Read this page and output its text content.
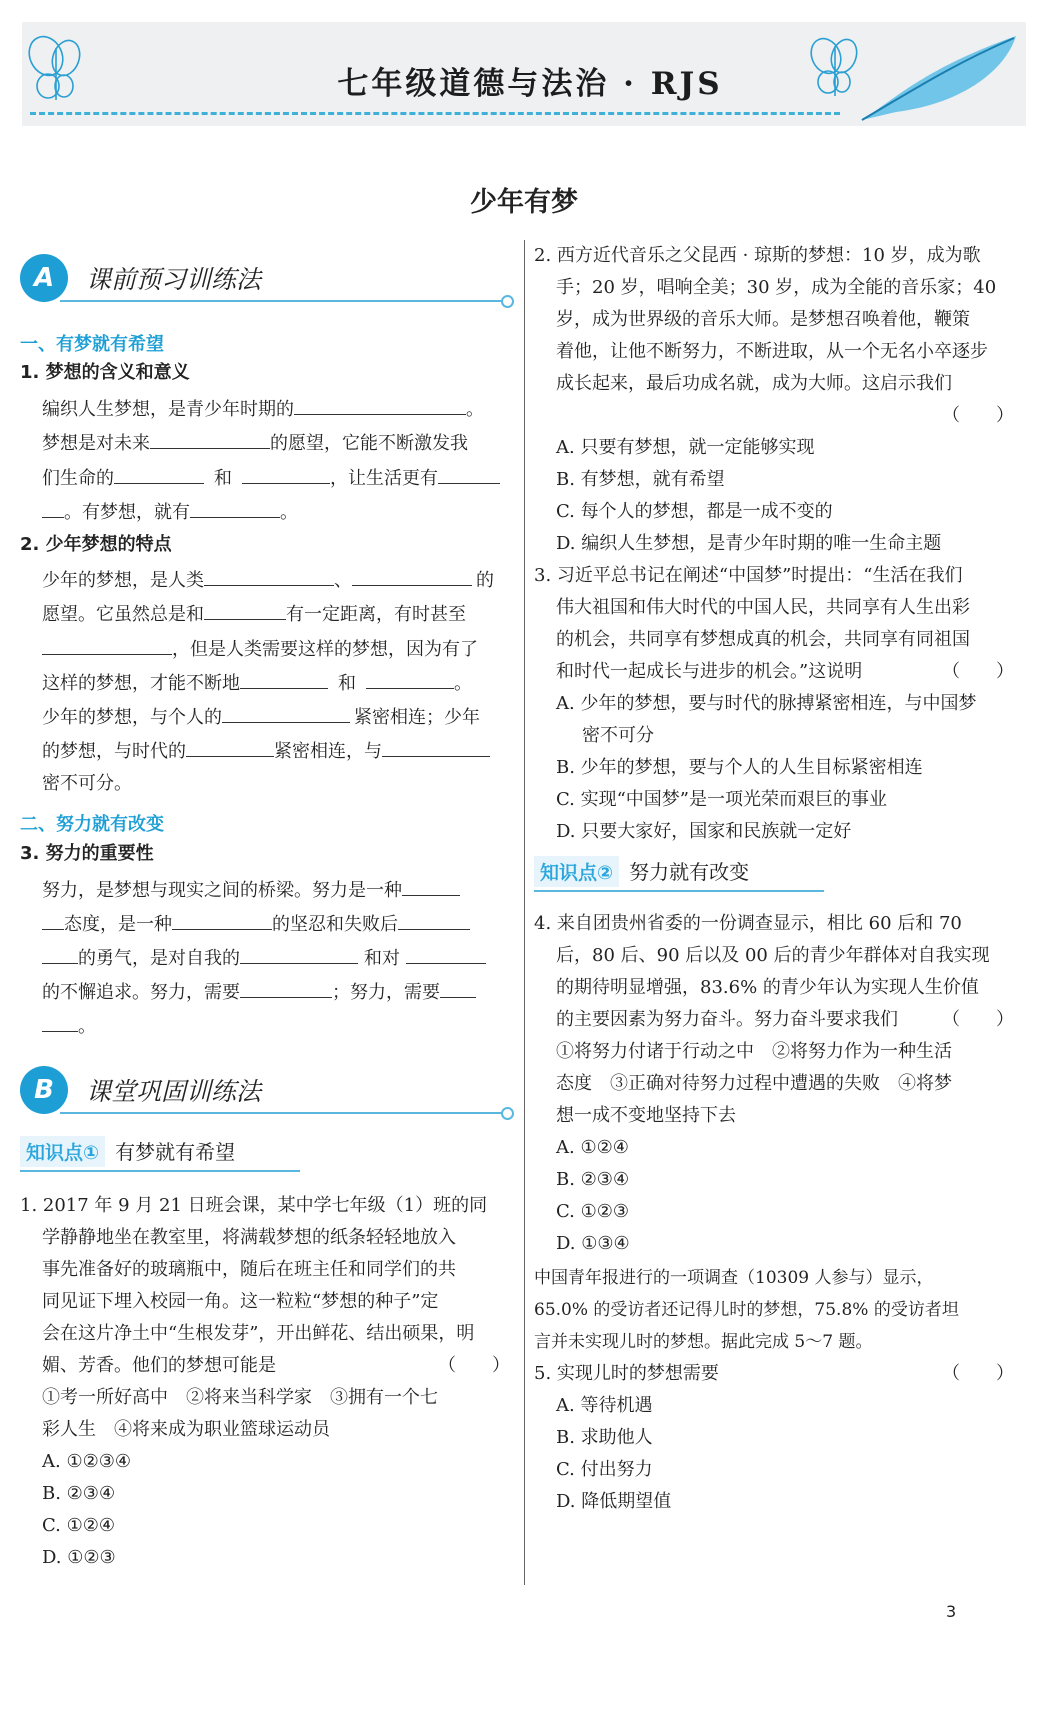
七年级道德与法治 · RJS
少年有梦
A	课前预习训练法
一、有梦就有希望
1. 梦想的含义和意义
编织人生梦想，是青少年时期的	。
梦想是对未来	的愿望，它能不断激发我
们生命的	和	，让生活更有
。有梦想，就有	。
2. 少年梦想的特点
少年的梦想，是人类	、	的
愿望。它虽然总是和	有一定距离，有时甚至
，但是人类需要这样的梦想，因为有了
这样的梦想，才能不断地	和	。
少年的梦想，与个人的	紧密相连；少年
的梦想，与时代的	紧密相连，与
密不可分。
二、努力就有改变
3. 努力的重要性
努力，是梦想与现实之间的桥梁。努力是一种
态度，是一种	的坚忍和失败后
的勇气，是对自我的	和对
的不懈追求。努力，需要	；努力，需要
。
B	课堂巩固训练法
知识点① 有梦就有希望
1. 2017 年 9 月 21 日班会课，某中学七年级（1）班的同
学静静地坐在教室里，将满载梦想的纸条轻轻地放入
事先准备好的玻璃瓶中，随后在班主任和同学们的共
同见证下埋入校园一角。这一粒粒“梦想的种子”定
会在这片净土中“生根发芽”，开出鲜花、结出硕果，明
媚、芳香。他们的梦想可能是	（　　）
①考一所好高中　②将来当科学家　③拥有一个七
彩人生　④将来成为职业篮球运动员
A. ①②③④
B. ②③④
C. ①②④
D. ①②③
2. 西方近代音乐之父昆西 · 琼斯的梦想：10 岁，成为歌
手；20 岁，唱响全美；30 岁，成为全能的音乐家；40
岁，成为世界级的音乐大师。是梦想召唤着他，鞭策
着他，让他不断努力，不断进取，从一个无名小卒逐步
成长起来，最后功成名就，成为大师。这启示我们
（　　）
A. 只要有梦想，就一定能够实现
B. 有梦想，就有希望
C. 每个人的梦想，都是一成不变的
D. 编织人生梦想，是青少年时期的唯一生命主题
3. 习近平总书记在阐述“中国梦”时提出：“生活在我们
伟大祖国和伟大时代的中国人民，共同享有人生出彩
的机会，共同享有梦想成真的机会，共同享有同祖国
和时代一起成长与进步的机会。”这说明	（　　）
A. 少年的梦想，要与时代的脉搏紧密相连，与中国梦
密不可分
B. 少年的梦想，要与个人的人生目标紧密相连
C. 实现“中国梦”是一项光荣而艰巨的事业
D. 只要大家好，国家和民族就一定好
知识点② 努力就有改变
4. 来自团贵州省委的一份调查显示，相比 60 后和 70
后，80 后、90 后以及 00 后的青少年群体对自我实现
的期待明显增强，83.6% 的青少年认为实现人生价值
的主要因素为努力奋斗。努力奋斗要求我们 （　　）
①将努力付诸于行动之中　②将努力作为一种生活
态度　③正确对待努力过程中遭遇的失败　④将梦
想一成不变地坚持下去
A. ①②④
B. ②③④
C. ①②③
D. ①③④
中国青年报进行的一项调查（10309 人参与）显示，
65.0% 的受访者还记得儿时的梦想，75.8% 的受访者坦
言并未实现儿时的梦想。据此完成 5～7 题。
5. 实现儿时的梦想需要	（　　）
A. 等待机遇
B. 求助他人
C. 付出努力
D. 降低期望值
3
